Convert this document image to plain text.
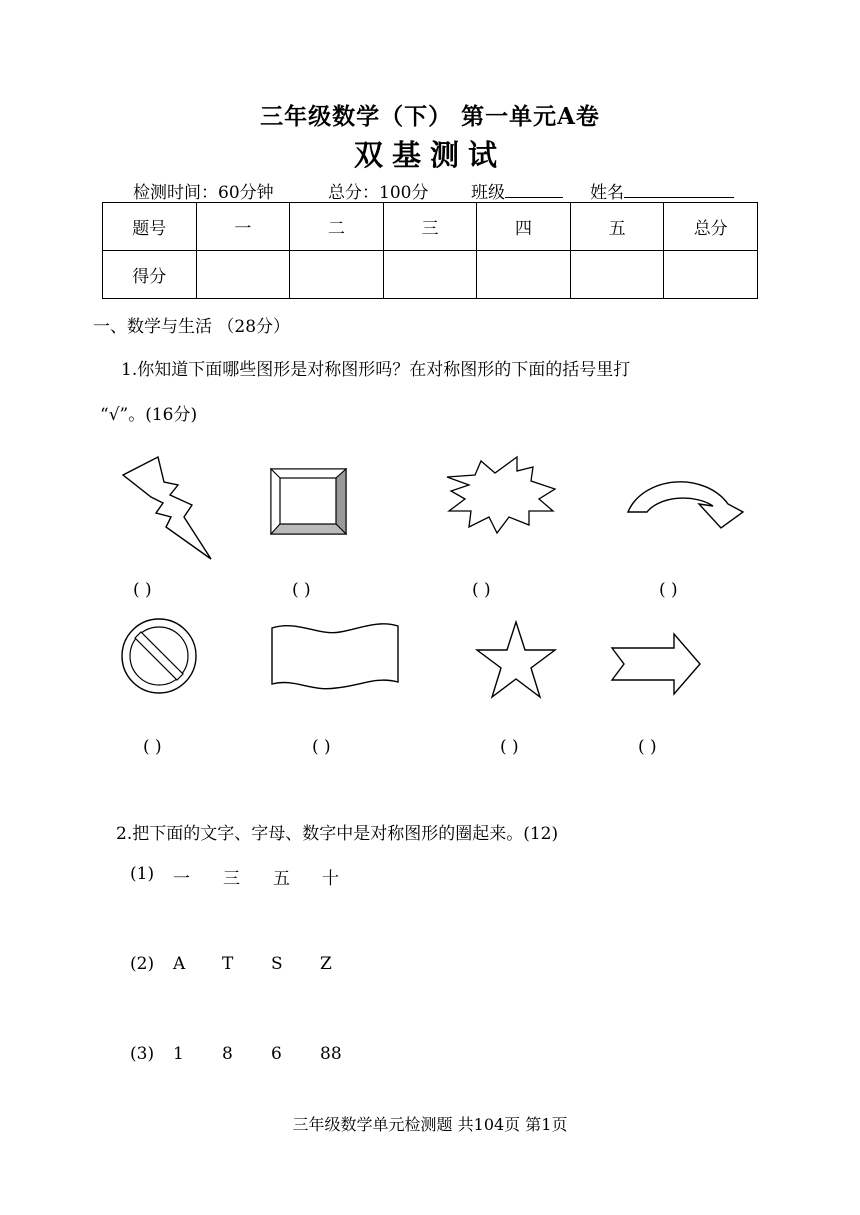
三年级数学（下） 第一单元A卷
双基测试
检测时间：60分钟	总分：100分	班级	姓名
题号	一	二	三	四	五	总分
得分						
一、数学与生活 （28分）
1.你知道下面哪些图形是对称图形吗？在对称图形的下面的括号里打
“√”。(16分)
( )	( )	( )	( )
( )	( )	( )	( )
2.把下面的文字、字母、数字中是对称图形的圈起来。(12)
(1) 一 三 五 十
(2) A T S Z
(3) 1 8 6 88
三年级数学单元检测题 共104页 第1页
